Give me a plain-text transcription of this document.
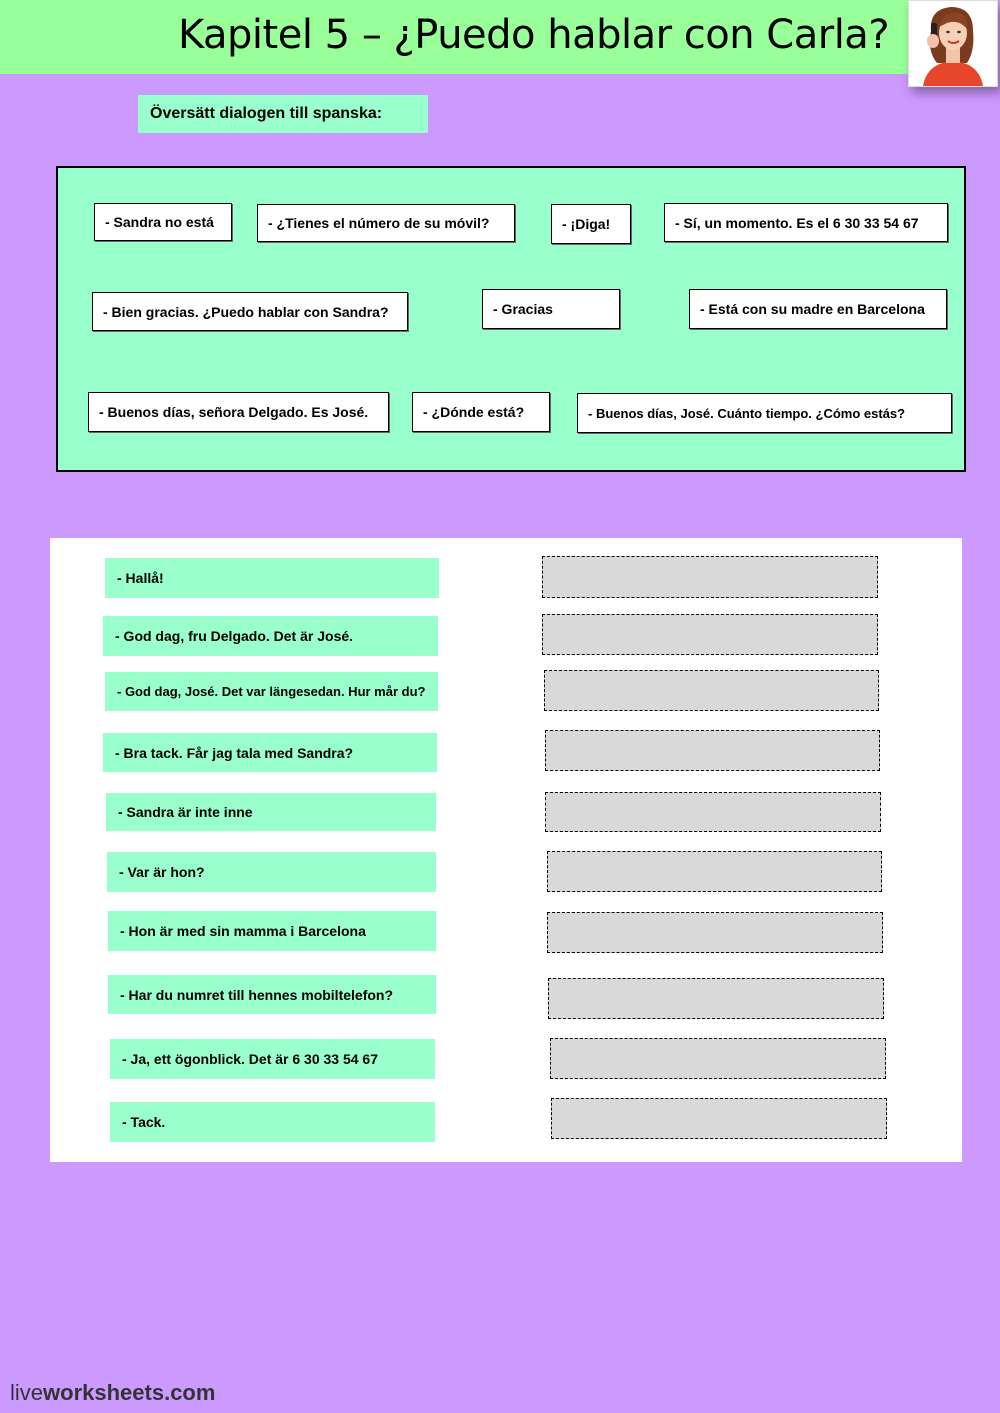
Kapitel 5 – ¿Puedo hablar con Carla?
Översätt dialogen till spanska:
- Sandra no está	- ¿Tienes el número de su móvil?	- ¡Diga!	- Sí, un momento. Es el 6 30 33 54 67
- Bien gracias. ¿Puedo hablar con Sandra?	- Gracias	- Está con su madre en Barcelona
- Buenos días, señora Delgado. Es José.	- ¿Dónde está?	- Buenos días, José. Cuánto tiempo. ¿Cómo estás?
- Hallå!
- God dag, fru Delgado. Det är José.
- God dag, José. Det var längesedan. Hur mår du?
- Bra tack. Får jag tala med Sandra?
- Sandra är inte inne
- Var är hon?
- Hon är med sin mamma i Barcelona
- Har du numret till hennes mobiltelefon?
- Ja, ett ögonblick. Det är 6 30 33 54 67
- Tack.
liveworksheets.com
